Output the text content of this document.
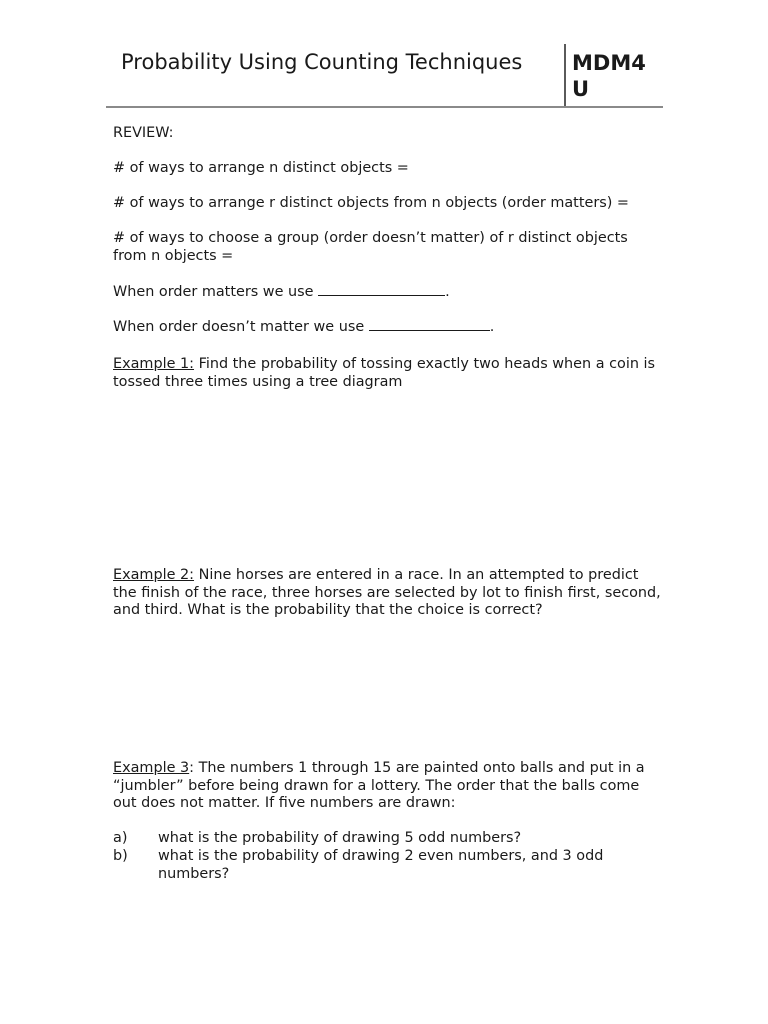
Probability Using Counting Techniques MDM4U

REVIEW:

# of ways to arrange n distinct objects =

# of ways to arrange r distinct objects from n objects (order matters) =

# of ways to choose a group (order doesn’t matter) of r distinct objects from n objects =

When order matters we use	.

When order doesn’t matter we use	.

Example 1: Find the probability of tossing exactly two heads when a coin is tossed three times using a tree diagram

Example 2: Nine horses are entered in a race. In an attempted to predict the finish of the race, three horses are selected by lot to finish first, second, and third. What is the probability that the choice is correct?

Example 3: The numbers 1 through 15 are painted onto balls and put in a “jumbler” before being drawn for a lottery. The order that the balls come out does not matter. If five numbers are drawn:

a)	what is the probability of drawing 5 odd numbers?
b)	what is the probability of drawing 2 even numbers, and 3 odd numbers?
